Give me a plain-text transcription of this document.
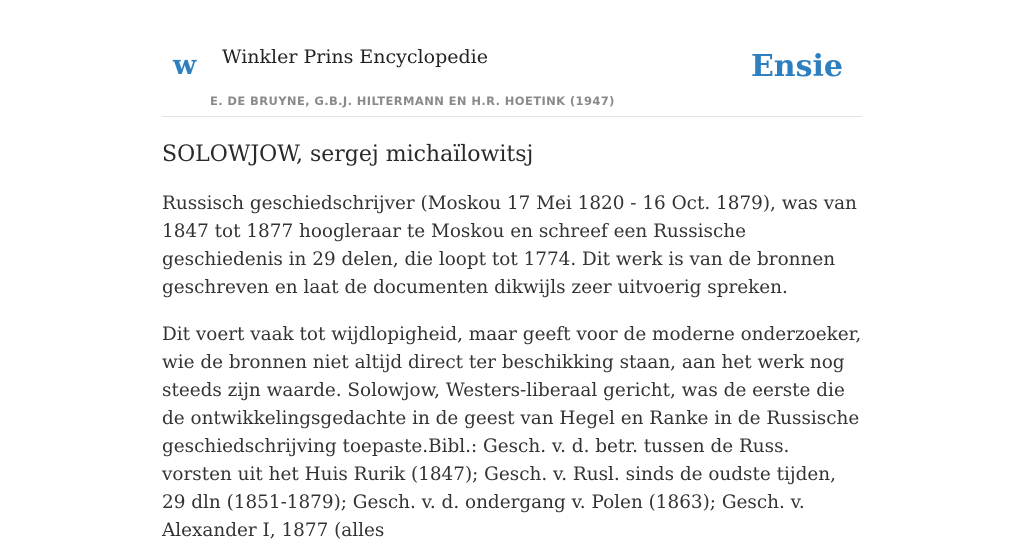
w Winkler Prins Encyclopedie
E. DE BRUYNE, G.B.J. HILTERMANN EN H.R. HOETINK (1947)
Ensie
SOLOWJOW, sergej michaïlowitsj

Russisch geschiedschrijver (Moskou 17 Mei 1820 - 16 Oct. 1879), was van 1847 tot 1877 hoogleraar te Moskou en schreef een Russische geschiedenis in 29 delen, die loopt tot 1774. Dit werk is van de bronnen geschreven en laat de documenten dikwijls zeer uitvoerig spreken.

Dit voert vaak tot wijdlopigheid, maar geeft voor de moderne onderzoeker, wie de bronnen niet altijd direct ter beschikking staan, aan het werk nog steeds zijn waarde. Solowjow, Westers-liberaal gericht, was de eerste die de ontwikkelingsgedachte in de geest van Hegel en Ranke in de Russische geschiedschrijving toepaste.Bibl.: Gesch. v. d. betr. tussen de Russ. vorsten uit het Huis Rurik (1847); Gesch. v. Rusl. sinds de oudste tijden, 29 dln (1851-1879); Gesch. v. d. ondergang v. Polen (1863); Gesch. v. Alexander I, 1877 (alles
